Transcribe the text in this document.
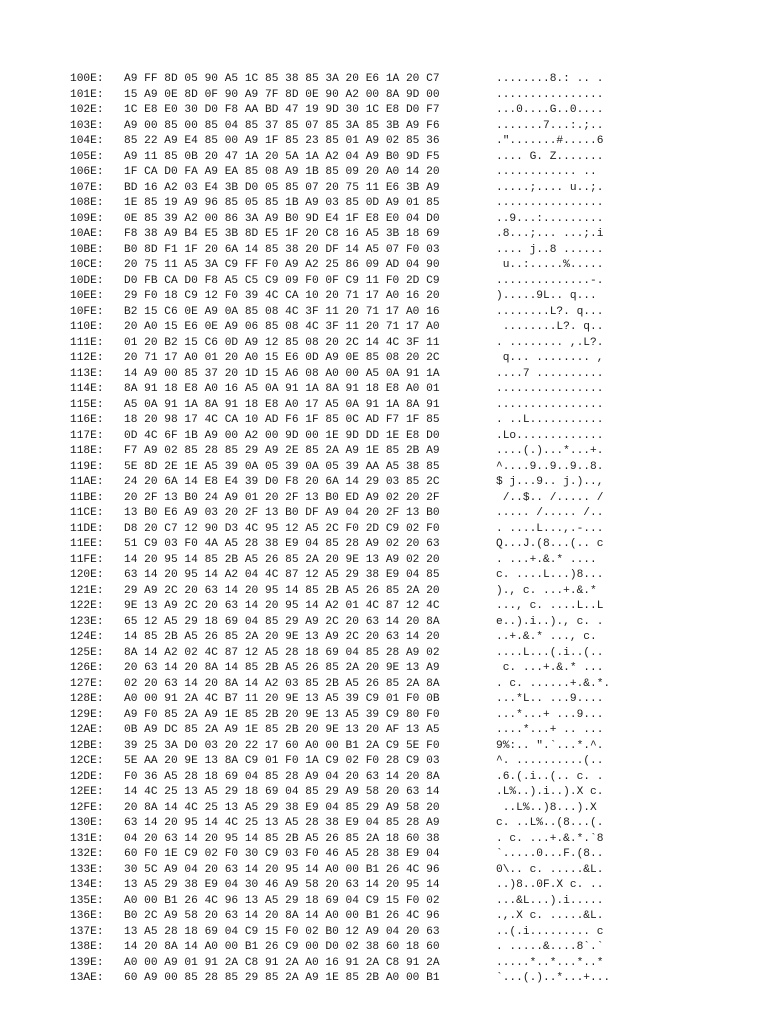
100E:	A9 FF 8D 05 90 A5 1C 85 38 85 3A 20 E6 1A 20 C7	........8.: .. .
101E:	15 A9 0E 8D 0F 90 A9 7F 8D 0E 90 A2 00 8A 9D 00	................
102E:	1C E8 E0 30 D0 F8 AA BD 47 19 9D 30 1C E8 D0 F7	...0....G..0....
103E:	A9 00 85 00 85 04 85 37 85 07 85 3A 85 3B A9 F6	.......7...:.;..
104E:	85 22 A9 E4 85 00 A9 1F 85 23 85 01 A9 02 85 36	.".......#.....6
105E:	A9 11 85 0B 20 47 1A 20 5A 1A A2 04 A9 B0 9D F5	.... G. Z.......
106E:	1F CA D0 FA A9 EA 85 08 A9 1B 85 09 20 A0 14 20	............ ..
107E:	BD 16 A2 03 E4 3B D0 05 85 07 20 75 11 E6 3B A9	.....;.... u..;.
108E:	1E 85 19 A9 96 85 05 85 1B A9 03 85 0D A9 01 85	................
109E:	0E 85 39 A2 00 86 3A A9 B0 9D E4 1F E8 E0 04 D0	..9...:.........
10AE:	F8 38 A9 B4 E5 3B 8D E5 1F 20 C8 16 A5 3B 18 69	.8...;... ...;.i
10BE:	B0 8D F1 1F 20 6A 14 85 38 20 DF 14 A5 07 F0 03	.... j..8 ......
10CE:	20 75 11 A5 3A C9 FF F0 A9 A2 25 86 09 AD 04 90	u..:.....%.....
10DE:	D0 FB CA D0 F8 A5 C5 C9 09 F0 0F C9 11 F0 2D C9	..............-.
10EE:	29 F0 18 C9 12 F0 39 4C CA 10 20 71 17 A0 16 20	).....9L.. q...
10FE:	B2 15 C6 0E A9 0A 85 08 4C 3F 11 20 71 17 A0 16	........L?. q...
110E:	20 A0 15 E6 0E A9 06 85 08 4C 3F 11 20 71 17 A0	........L?. q..
111E:	01 20 B2 15 C6 0D A9 12 85 08 20 2C 14 4C 3F 11	. ........ ,.L?.
112E:	20 71 17 A0 01 20 A0 15 E6 0D A9 0E 85 08 20 2C	q... ........ ,
113E:	14 A9 00 85 37 20 1D 15 A6 08 A0 00 A5 0A 91 1A	....7 ..........
114E:	8A 91 18 E8 A0 16 A5 0A 91 1A 8A 91 18 E8 A0 01	................
115E:	A5 0A 91 1A 8A 91 18 E8 A0 17 A5 0A 91 1A 8A 91	................
116E:	18 20 98 17 4C CA 10 AD F6 1F 85 0C AD F7 1F 85	. ..L...........
117E:	0D 4C 6F 1B A9 00 A2 00 9D 00 1E 9D DD 1E E8 D0	.Lo.............
118E:	F7 A9 02 85 28 85 29 A9 2E 85 2A A9 1E 85 2B A9	....(.)...*...+.
119E:	5E 8D 2E 1E A5 39 0A 05 39 0A 05 39 AA A5 38 85	^....9..9..9..8.
11AE:	24 20 6A 14 E8 E4 39 D0 F8 20 6A 14 29 03 85 2C	$ j...9.. j.)..,
11BE:	20 2F 13 B0 24 A9 01 20 2F 13 B0 ED A9 02 20 2F	/..$.. /..... /
11CE:	13 B0 E6 A9 03 20 2F 13 B0 DF A9 04 20 2F 13 B0	..... /..... /..
11DE:	D8 20 C7 12 90 D3 4C 95 12 A5 2C F0 2D C9 02 F0	. ....L...,.-...
11EE:	51 C9 03 F0 4A A5 28 38 E9 04 85 28 A9 02 20 63	Q...J.(8...(.. c
11FE:	14 20 95 14 85 2B A5 26 85 2A 20 9E 13 A9 02 20	. ...+.&.* ....
120E:	63 14 20 95 14 A2 04 4C 87 12 A5 29 38 E9 04 85	c. ....L...)8...
121E:	29 A9 2C 20 63 14 20 95 14 85 2B A5 26 85 2A 20	)., c. ...+.&.*
122E:	9E 13 A9 2C 20 63 14 20 95 14 A2 01 4C 87 12 4C	..., c. ....L..L
123E:	65 12 A5 29 18 69 04 85 29 A9 2C 20 63 14 20 8A	e..).i..)., c. .
124E:	14 85 2B A5 26 85 2A 20 9E 13 A9 2C 20 63 14 20	..+.&.* ..., c.
125E:	8A 14 A2 02 4C 87 12 A5 28 18 69 04 85 28 A9 02	....L...(.i..(..
126E:	20 63 14 20 8A 14 85 2B A5 26 85 2A 20 9E 13 A9	c. ...+.&.* ...
127E:	02 20 63 14 20 8A 14 A2 03 85 2B A5 26 85 2A 8A	. c. ......+.&.*.
128E:	A0 00 91 2A 4C B7 11 20 9E 13 A5 39 C9 01 F0 0B	...*L.. ...9....
129E:	A9 F0 85 2A A9 1E 85 2B 20 9E 13 A5 39 C9 80 F0	...*...+ ...9...
12AE:	0B A9 DC 85 2A A9 1E 85 2B 20 9E 13 20 AF 13 A5	....*...+ .. ...
12BE:	39 25 3A D0 03 20 22 17 60 A0 00 B1 2A C9 5E F0	9%:.. ".`...*.^.
12CE:	5E AA 20 9E 13 8A C9 01 F0 1A C9 02 F0 28 C9 03	^. ..........(..
12DE:	F0 36 A5 28 18 69 04 85 28 A9 04 20 63 14 20 8A	.6.(.i..(.. c. .
12EE:	14 4C 25 13 A5 29 18 69 04 85 29 A9 58 20 63 14	.L%..).i..).X c.
12FE:	20 8A 14 4C 25 13 A5 29 38 E9 04 85 29 A9 58 20	..L%..)8...).X
130E:	63 14 20 95 14 4C 25 13 A5 28 38 E9 04 85 28 A9	c. ..L%..(8...(.
131E:	04 20 63 14 20 95 14 85 2B A5 26 85 2A 18 60 38	. c. ...+.&.*.`8
132E:	60 F0 1E C9 02 F0 30 C9 03 F0 46 A5 28 38 E9 04	`.....0...F.(8..
133E:	30 5C A9 04 20 63 14 20 95 14 A0 00 B1 26 4C 96	0\.. c. .....&L.
134E:	13 A5 29 38 E9 04 30 46 A9 58 20 63 14 20 95 14	..)8..0F.X c. ..
135E:	A0 00 B1 26 4C 96 13 A5 29 18 69 04 C9 15 F0 02	...&L...).i.....
136E:	B0 2C A9 58 20 63 14 20 8A 14 A0 00 B1 26 4C 96	.,.X c. .....&L.
137E:	13 A5 28 18 69 04 C9 15 F0 02 B0 12 A9 04 20 63	..(.i......... c
138E:	14 20 8A 14 A0 00 B1 26 C9 00 D0 02 38 60 18 60	. .....&....8`.`
139E:	A0 00 A9 01 91 2A C8 91 2A A0 16 91 2A C8 91 2A	.....*..*...*..*
13AE:	60 A9 00 85 28 85 29 85 2A A9 1E 85 2B A0 00 B1	`...(.)..*...+...
